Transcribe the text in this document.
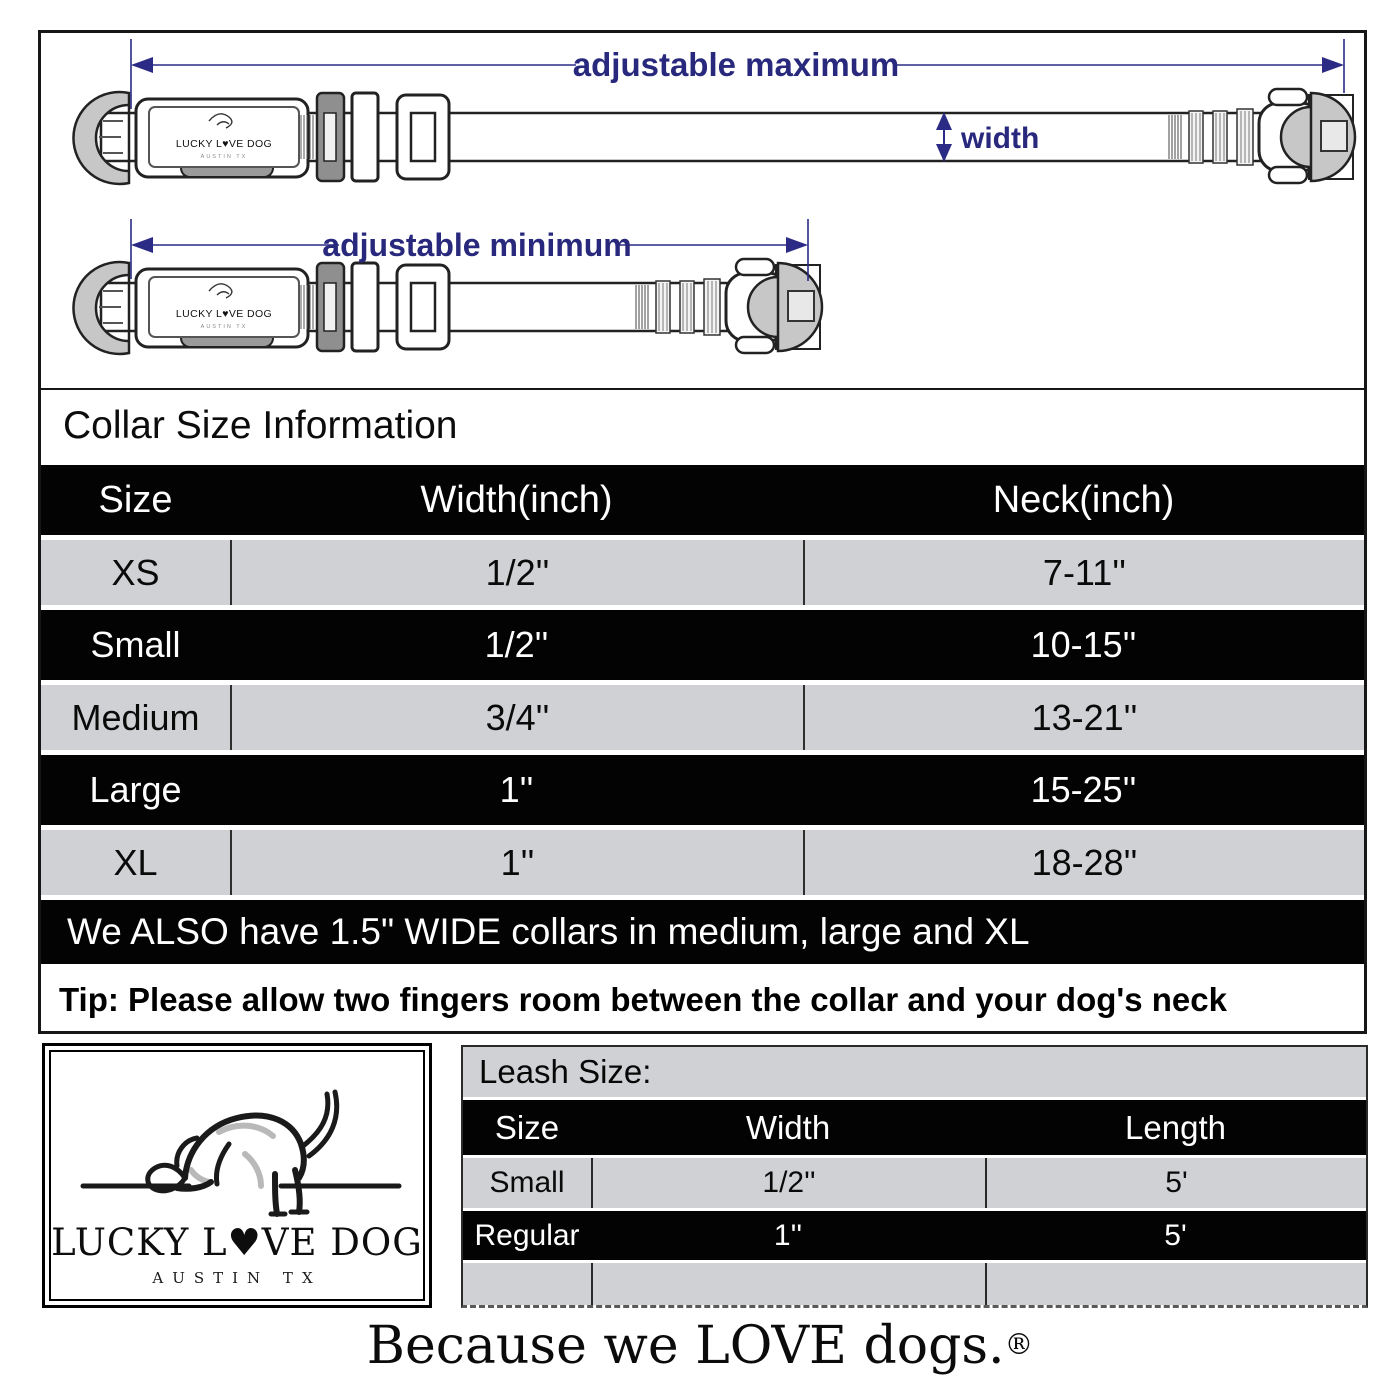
adjustable maximum
width
adjustable minimum
Collar Size Information
Size	Width(inch)	Neck(inch)
XS	1/2''	7-11''
Small	1/2''	10-15''
Medium	3/4''	13-21''
Large	1''	15-25''
XL	1''	18-28''
We ALSO have 1.5" WIDE collars in medium, large and XL
Tip: Please allow two fingers room between the collar and your dog's neck
LUCKY L♥VE DOG
AUSTIN TX
Leash Size:
Size	Width	Length
Small	1/2''	5'
Regular	1''	5'
Because we LOVE dogs.®
